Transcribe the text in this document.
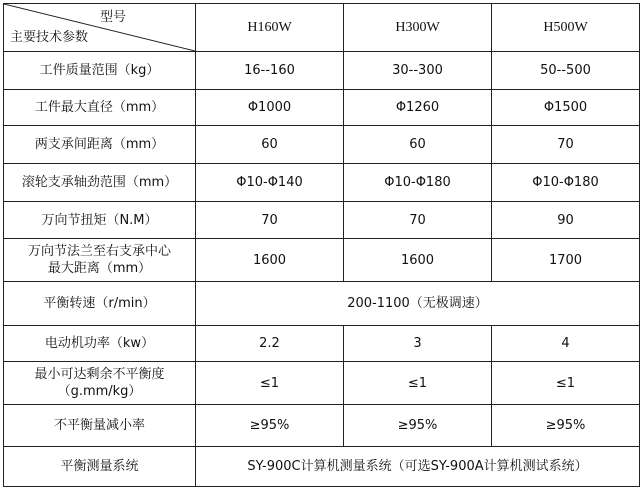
型号
主要技术参数	H160W	H300W	H500W
工件质量范围（kg）	16--160	30--300	50--500
工件最大直径（mm）	Φ1000	Φ1260	Φ1500
两支承间距离（mm）	60	60	70
滚轮支承轴劲范围（mm）	Φ10-Φ140	Φ10-Φ180	Φ10-Φ180
万向节扭矩（N.M）	70	70	90

万向节法兰至右支承中心
最大距离（mm）	1600	1600	1700
平衡转速（r/min）	200-1100（无极调速）		
电动机功率（kw）	2.2	3	4

最小可达剩余不平衡度
（g.mm/kg）	≤1	≤1	≤1
不平衡量减小率	≥95%	≥95%	≥95%
平衡测量系统	SY-900C计算机测量系统（可选SY-900A计算机测试系统）		
